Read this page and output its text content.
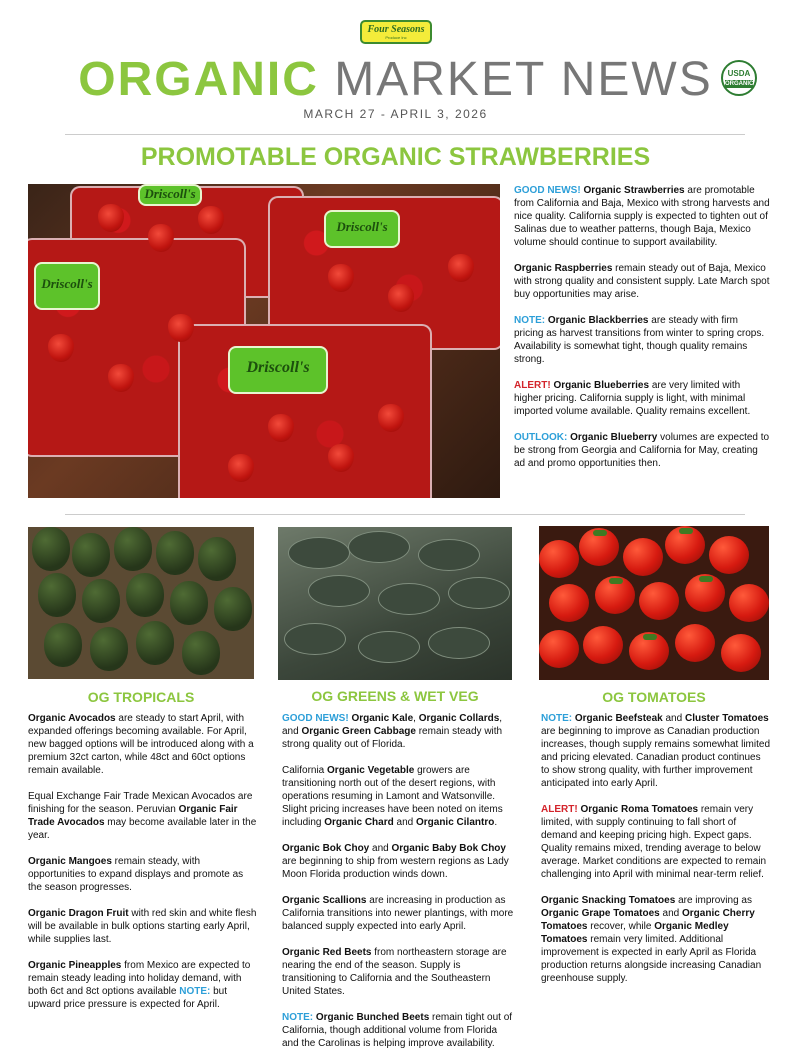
Four Seasons
Produce Inc
ORGANIC MARKET NEWS	USDA
ORGANIC
MARCH 27 - APRIL 3, 2026
PROMOTABLE ORGANIC STRAWBERRIES
Driscoll's
Driscoll's
Driscoll's
Driscoll's

GOOD NEWS! Organic Strawberries are promotable from California and Baja, Mexico with strong harvests and nice quality. California supply is expected to tighten out of Salinas due to weather patterns, though Baja, Mexico volume should continue to support availability.

Organic Raspberries remain steady out of Baja, Mexico with strong quality and consistent supply. Late March spot buy opportunities may arise.

NOTE: Organic Blackberries are steady with firm pricing as harvest transitions from winter to spring crops. Availability is somewhat tight, though quality remains strong.

ALERT! Organic Blueberries are very limited with higher pricing. California supply is light, with minimal imported volume available. Quality remains excellent.

OUTLOOK: Organic Blueberry volumes are expected to be strong from Georgia and California for May, creating ad and promo opportunities then.

OG TROPICALS	OG GREENS & WET VEG	OG TOMATOES

Organic Avocados are steady to start April, with expanded offerings becoming available. For April, new bagged options will be introduced along with a premium 32ct carton, while 48ct and 60ct options remain available.

Equal Exchange Fair Trade Mexican Avocados are finishing for the season. Peruvian Organic Fair Trade Avocados may become available later in the year.

Organic Mangoes remain steady, with opportunities to expand displays and promote as the season progresses.

Organic Dragon Fruit with red skin and white flesh will be available in bulk options starting early April, while supplies last.

Organic Pineapples from Mexico are expected to remain steady leading into holiday demand, with both 6ct and 8ct options available NOTE: but upward price pressure is expected for April.

GOOD NEWS! Organic Kale, Organic Collards, and Organic Green Cabbage remain steady with strong quality out of Florida.

California Organic Vegetable growers are transitioning north out of the desert regions, with operations resuming in Lamont and Watsonville. Slight pricing increases have been noted on items including Organic Chard and Organic Cilantro.

Organic Bok Choy and Organic Baby Bok Choy are beginning to ship from western regions as Lady Moon Florida production winds down.

Organic Scallions are increasing in production as California transitions into newer plantings, with more balanced supply expected into early April.

Organic Red Beets from northeastern storage are nearing the end of the season. Supply is transitioning to California and the Southeastern United States.

NOTE: Organic Bunched Beets remain tight out of California, though additional volume from Florida and the Carolinas is helping improve availability.

NOTE: Organic Beefsteak and Cluster Tomatoes are beginning to improve as Canadian production increases, though supply remains somewhat limited and pricing elevated. Canadian product continues to show strong quality, with further improvement anticipated into early April.

ALERT! Organic Roma Tomatoes remain very limited, with supply continuing to fall short of demand and keeping pricing high. Expect gaps. Quality remains mixed, trending average to below average. Market conditions are expected to remain challenging into April with minimal near-term relief.

Organic Snacking Tomatoes are improving as Organic Grape Tomatoes and Organic Cherry Tomatoes recover, while Organic Medley Tomatoes remain very limited. Additional improvement is expected in early April as Florida production returns alongside increasing Canadian greenhouse supply.
